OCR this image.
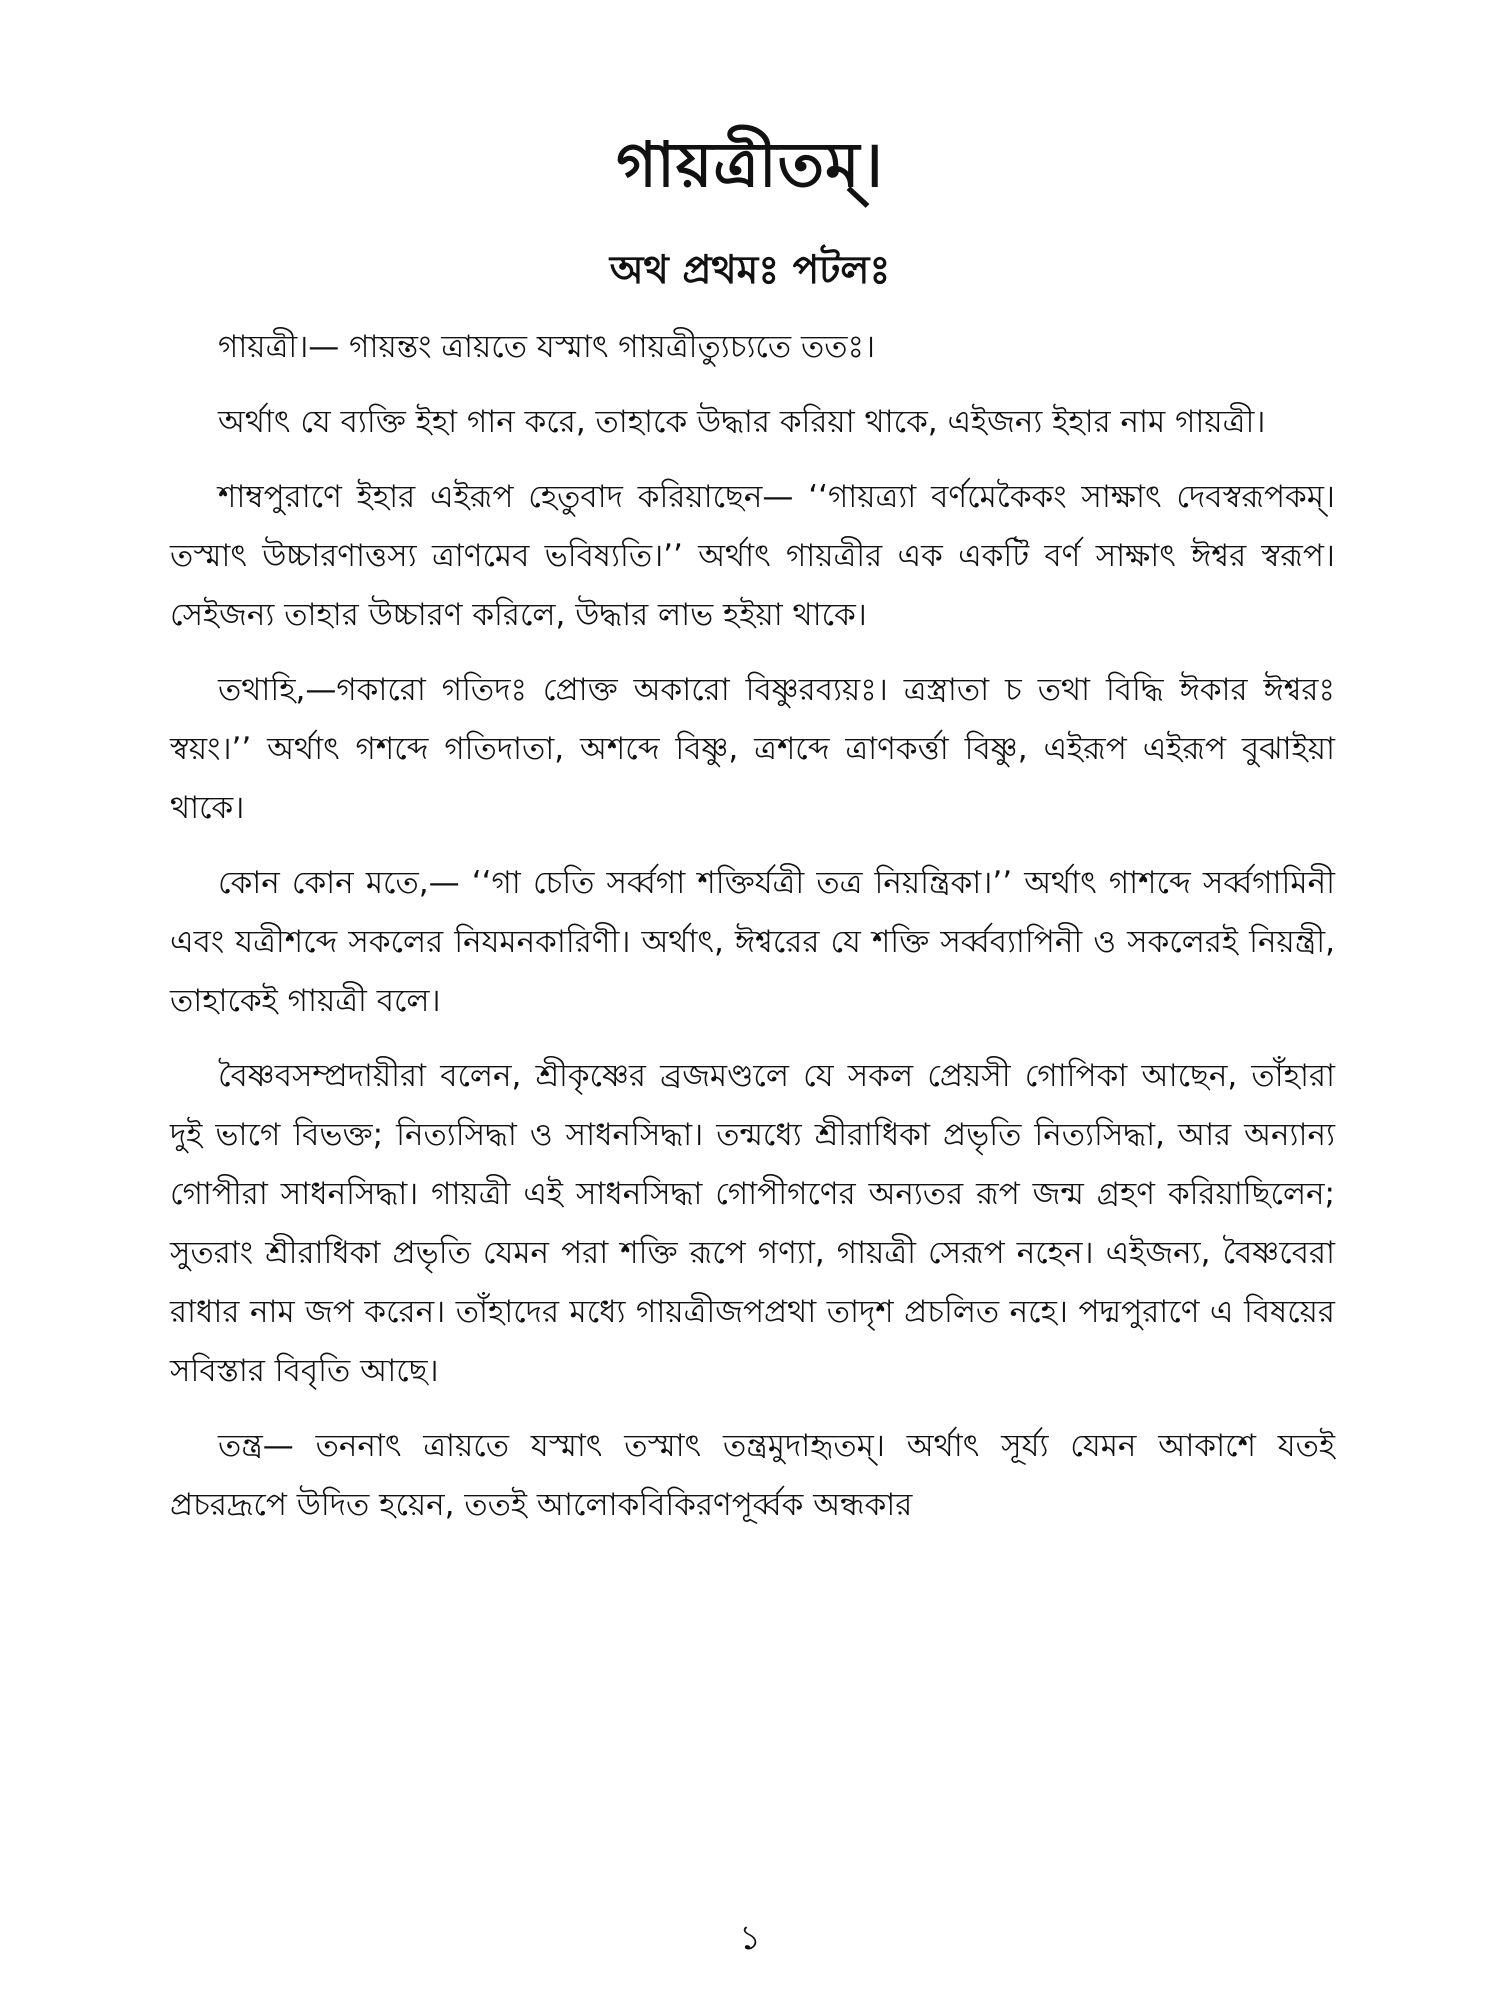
গায়ত্রীতম্‌।
অথ প্রথমঃ পটলঃ

গায়ত্রী।— গায়ন্তং ত্রায়তে যস্মাৎ গায়ত্রীত্যুচ্যতে ততঃ।

অর্থাৎ যে ব্যক্তি ইহা গান করে, তাহাকে উদ্ধার করিয়া থাকে, এইজন্য ইহার নাম গায়ত্রী।

শাম্বপুরাণে ইহার এইরূপ হেতুবাদ করিয়াছেন— ‘‘গায়ত্র্যা বর্ণমেকৈকং সাক্ষাৎ দেবস্বরূপকম্‌। তস্মাৎ উচ্চারণাত্তস্য ত্রাণমেব ভবিষ্যতি।’’ অর্থাৎ গায়ত্রীর এক একটি বর্ণ সাক্ষাৎ ঈশ্বর স্বরূপ। সেইজন্য তাহার উচ্চারণ করিলে, উদ্ধার লাভ হইয়া থাকে।

তথাহি,—গকারো গতিদঃ প্রোক্ত অকারো বিষ্ণুরব্যয়ঃ। ত্রস্ত্রাতা চ তথা বিদ্ধি ঈকার ঈশ্বরঃ স্বয়ং।’’ অর্থাৎ গশব্দে গতিদাতা, অশব্দে বিষ্ণু, ত্রশব্দে ত্রাণকর্ত্তা বিষ্ণু, এইরূপ এইরূপ বুঝাইয়া থাকে।

কোন কোন মতে,— ‘‘গা চেতি সর্ব্বগা শক্তির্যত্রী তত্র নিয়ন্ত্রিকা।’’ অর্থাৎ গাশব্দে সর্ব্বগামিনী এবং যত্রীশব্দে সকলের নিযমনকারিণী। অর্থাৎ, ঈশ্বরের যে শক্তি সর্ব্বব্যাপিনী ও সকলেরই নিয়ন্ত্রী, তাহাকেই গায়ত্রী বলে।

বৈষ্ণবসম্প্রদায়ীরা বলেন, শ্রীকৃষ্ণের ব্রজমণ্ডলে যে সকল প্রেয়সী গোপিকা আছেন, তাঁহারা দুই ভাগে বিভক্ত; নিত্যসিদ্ধা ও সাধনসিদ্ধা। তন্মধ্যে শ্রীরাধিকা প্রভৃতি নিত্যসিদ্ধা, আর অন্যান্য গোপীরা সাধনসিদ্ধা। গায়ত্রী এই সাধনসিদ্ধা গোপীগণের অন্যতর রূপ জন্ম গ্রহণ করিয়াছিলেন; সুতরাং শ্রীরাধিকা প্রভৃতি যেমন পরা শক্তি রূপে গণ্যা, গায়ত্রী সেরূপ নহেন। এইজন্য, বৈষ্ণবেরা রাধার নাম জপ করেন। তাঁহাদের মধ্যে গায়ত্রীজপপ্রথা তাদৃশ প্রচলিত নহে। পদ্মপুরাণে এ বিষয়ের সবিস্তার বিবৃতি আছে।

তন্ত্র— তননাৎ ত্রায়তে যস্মাৎ তস্মাৎ তন্ত্রমুদাহৃতম্‌। অর্থাৎ সূর্য্য যেমন আকাশে যতই প্রচরদ্রূপে উদিত হয়েন, ততই আলোকবিকিরণপূর্ব্বক অন্ধকার

১
